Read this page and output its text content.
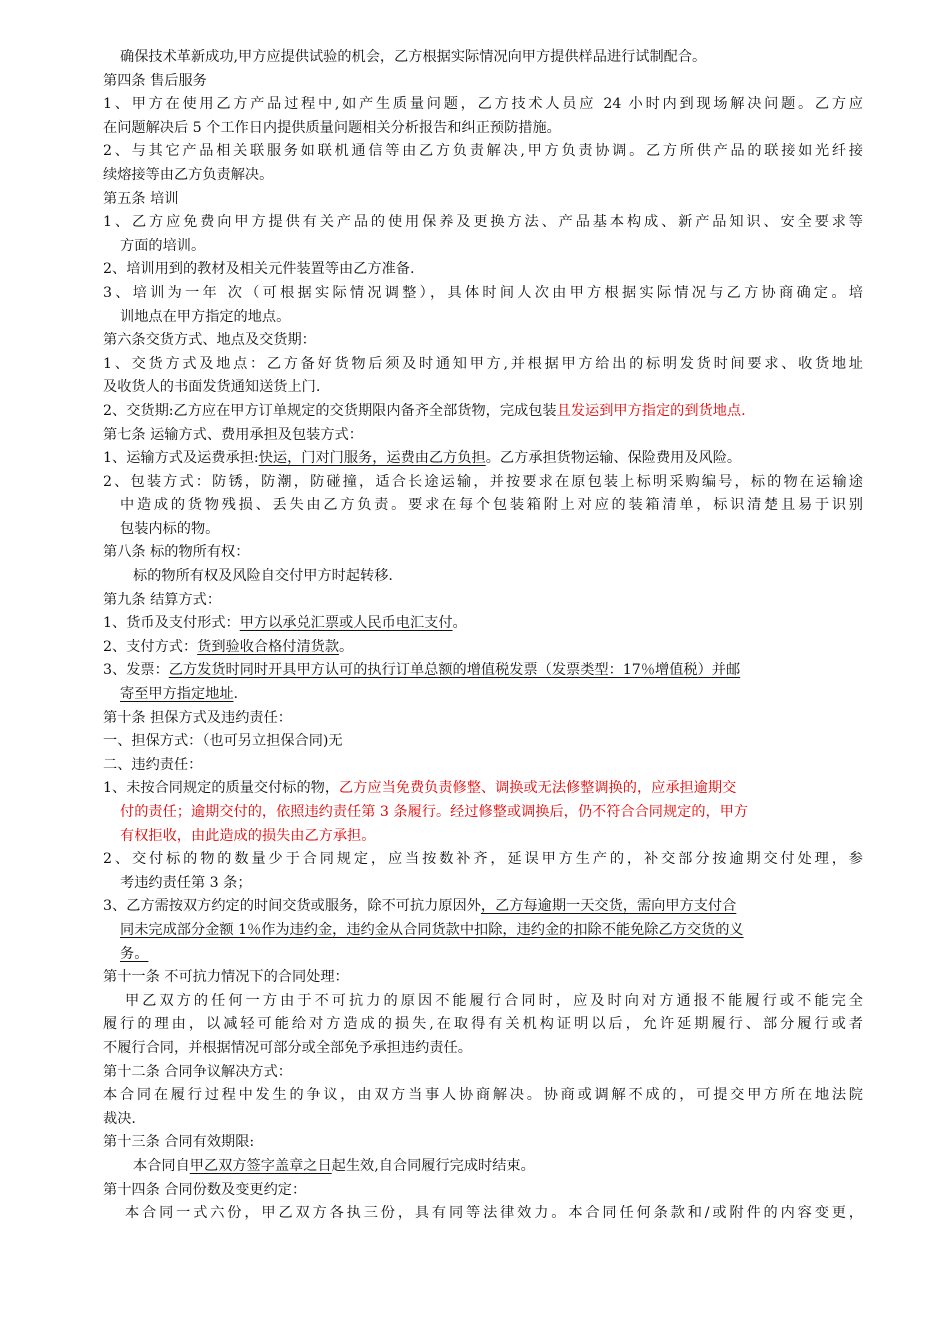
确保技术革新成功,甲方应提供试验的机会，乙方根据实际情况向甲方提供样品进行试制配合。
第四条 售后服务
1、甲方在使用乙方产品过程中,如产生质量问题，乙方技术人员应 24 小时内到现场解决问题。乙方应
在问题解决后 5 个工作日内提供质量问题相关分析报告和纠正预防措施。
2、与其它产品相关联服务如联机通信等由乙方负责解决,甲方负责协调。乙方所供产品的联接如光纤接
续熔接等由乙方负责解决。
第五条 培训
1、乙方应免费向甲方提供有关产品的使用保养及更换方法、产品基本构成、新产品知识、安全要求等
方面的培训。
2、培训用到的教材及相关元件装置等由乙方准备.
3、培训为一年 次（可根据实际情况调整），具体时间人次由甲方根据实际情况与乙方协商确定。培
训地点在甲方指定的地点。
第六条交货方式、地点及交货期：
1、交货方式及地点：乙方备好货物后须及时通知甲方,并根据甲方给出的标明发货时间要求、收货地址
及收货人的书面发货通知送货上门.
2、交货期:乙方应在甲方订单规定的交货期限内备齐全部货物，完成包装且发运到甲方指定的到货地点.
第七条 运输方式、费用承担及包装方式：
1、运输方式及运费承担:快运，门对门服务，运费由乙方负担。乙方承担货物运输、保险费用及风险。
2、包装方式：防锈，防潮，防碰撞，适合长途运输，并按要求在原包装上标明采购编号，标的物在运输途
中造成的货物残损、丢失由乙方负责。要求在每个包装箱附上对应的装箱清单，标识清楚且易于识别
包装内标的物。
第八条 标的物所有权：
标的物所有权及风险自交付甲方时起转移.
第九条 结算方式：
1、货币及支付形式：甲方以承兑汇票或人民币电汇支付。
2、支付方式：货到验收合格付清货款。
3、发票：乙方发货时同时开具甲方认可的执行订单总额的增值税发票（发票类型：17％增值税）并邮
寄至甲方指定地址.
第十条 担保方式及违约责任：
一、担保方式：（也可另立担保合同)无
二、违约责任：
1、未按合同规定的质量交付标的物，乙方应当免费负责修整、调换或无法修整调换的，应承担逾期交
付的责任；逾期交付的，依照违约责任第 3 条履行。经过修整或调换后，仍不符合合同规定的，甲方
有权拒收，由此造成的损失由乙方承担。
2、交付标的物的数量少于合同规定，应当按数补齐，延误甲方生产的，补交部分按逾期交付处理，参
考违约责任第 3 条；
3、乙方需按双方约定的时间交货或服务，除不可抗力原因外，乙方每逾期一天交货，需向甲方支付合
同未完成部分金额 1％作为违约金，违约金从合同货款中扣除，违约金的扣除不能免除乙方交货的义
务。
第十一条 不可抗力情况下的合同处理：
甲乙双方的任何一方由于不可抗力的原因不能履行合同时，应及时向对方通报不能履行或不能完全
履行的理由，以减轻可能给对方造成的损失,在取得有关机构证明以后，允许延期履行、部分履行或者
不履行合同，并根据情况可部分或全部免予承担违约责任。
第十二条 合同争议解决方式：
本合同在履行过程中发生的争议，由双方当事人协商解决。协商或调解不成的，可提交甲方所在地法院
裁决.
第十三条 合同有效期限:
本合同自甲乙双方签字盖章之日起生效,自合同履行完成时结束。
第十四条 合同份数及变更约定：
本合同一式六份，甲乙双方各执三份，具有同等法律效力。本合同任何条款和/或附件的内容变更，
